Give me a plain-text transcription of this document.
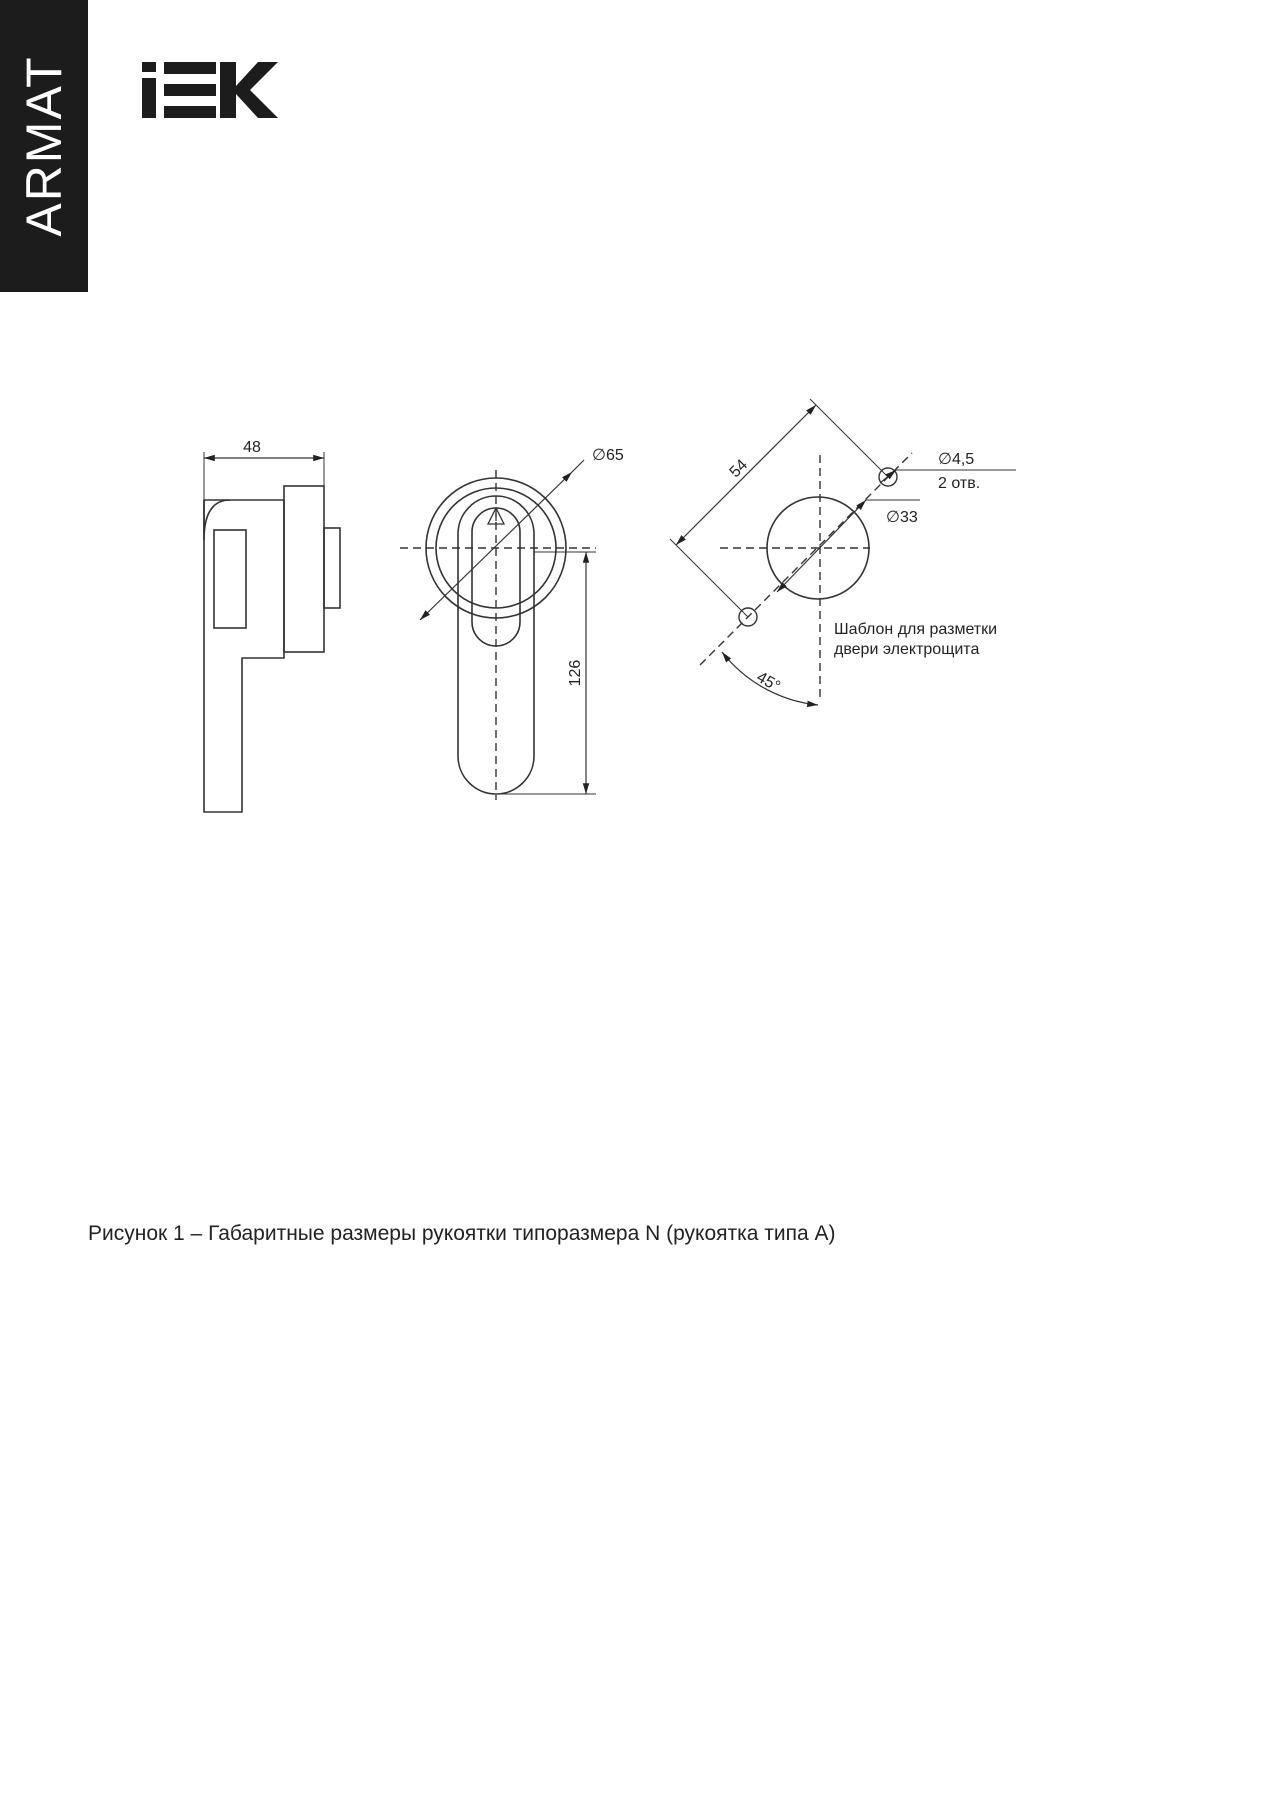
ARMAT
48	∅65
126
54	∅4,5
2 отв.
∅33
45°
Шаблон для разметки
двери электрощита
Рисунок 1 – Габаритные размеры рукоятки типоразмера N (рукоятка типа А)
